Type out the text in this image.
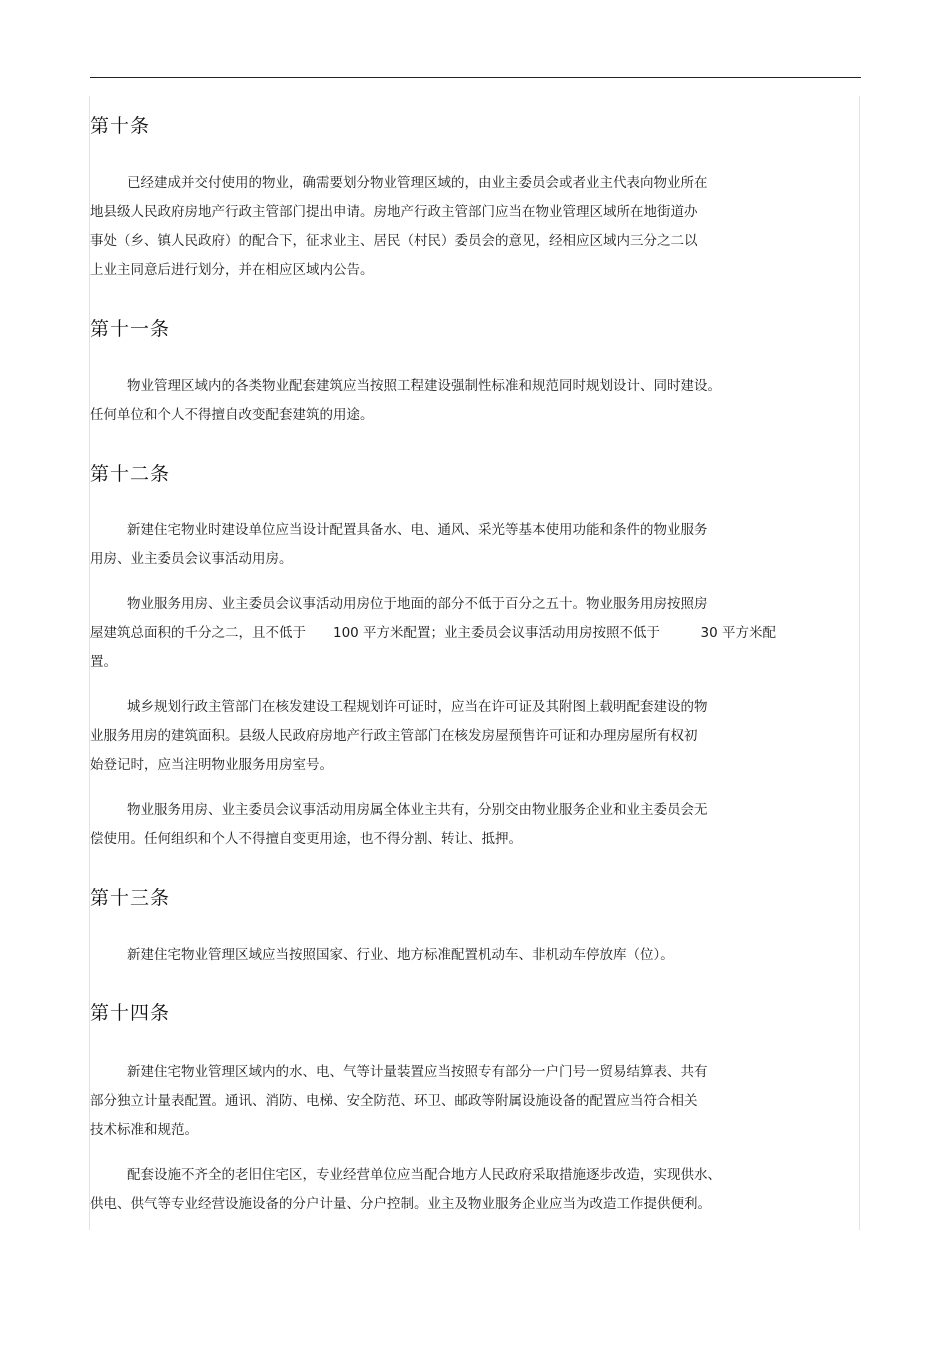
第十条

已经建成并交付使用的物业，确需要划分物业管理区域的，由业主委员会或者业主代表向物业所在
地县级人民政府房地产行政主管部门提出申请。房地产行政主管部门应当在物业管理区域所在地街道办
事处（乡、镇人民政府）的配合下，征求业主、居民（村民）委员会的意见，经相应区域内三分之二以
上业主同意后进行划分，并在相应区域内公告。

第十一条

物业管理区域内的各类物业配套建筑应当按照工程建设强制性标准和规范同时规划设计、同时建设。
任何单位和个人不得擅自改变配套建筑的用途。

第十二条

新建住宅物业时建设单位应当设计配置具备水、电、通风、采光等基本使用功能和条件的物业服务
用房、业主委员会议事活动用房。

物业服务用房、业主委员会议事活动用房位于地面的部分不低于百分之五十。物业服务用房按照房
屋建筑总面积的千分之二，且不低于　　100 平方米配置；业主委员会议事活动用房按照不低于　　　30 平方米配
置。

城乡规划行政主管部门在核发建设工程规划许可证时，应当在许可证及其附图上载明配套建设的物
业服务用房的建筑面积。县级人民政府房地产行政主管部门在核发房屋预售许可证和办理房屋所有权初
始登记时，应当注明物业服务用房室号。

物业服务用房、业主委员会议事活动用房属全体业主共有，分别交由物业服务企业和业主委员会无
偿使用。任何组织和个人不得擅自变更用途，也不得分割、转让、抵押。

第十三条

新建住宅物业管理区域应当按照国家、行业、地方标准配置机动车、非机动车停放库（位）。

第十四条

新建住宅物业管理区域内的水、电、气等计量装置应当按照专有部分一户门号一贸易结算表、共有
部分独立计量表配置。通讯、消防、电梯、安全防范、环卫、邮政等附属设施设备的配置应当符合相关
技术标准和规范。

配套设施不齐全的老旧住宅区，专业经营单位应当配合地方人民政府采取措施逐步改造，实现供水、
供电、供气等专业经营设施设备的分户计量、分户控制。业主及物业服务企业应当为改造工作提供便利。
